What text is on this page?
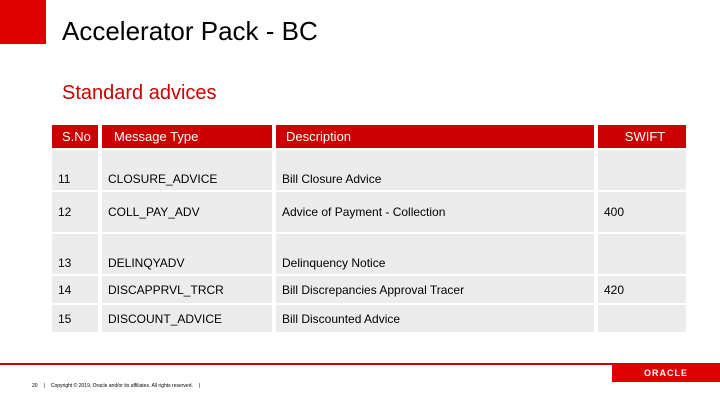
Accelerator Pack - BC
Standard advices
S.No	Message Type	Description	SWIFT
11	CLOSURE_ADVICE	Bill Closure Advice
12	COLL_PAY_ADV	Advice of Payment - Collection	400
13	DELINQYADV	Delinquency Notice
14	DISCAPPRVL_TRCR	Bill Discrepancies Approval Tracer	420
15	DISCOUNT_ADVICE	Bill Discounted Advice
20 | Copyright © 2019, Oracle and/or its affiliates. All rights reserved. |
ORACLE
